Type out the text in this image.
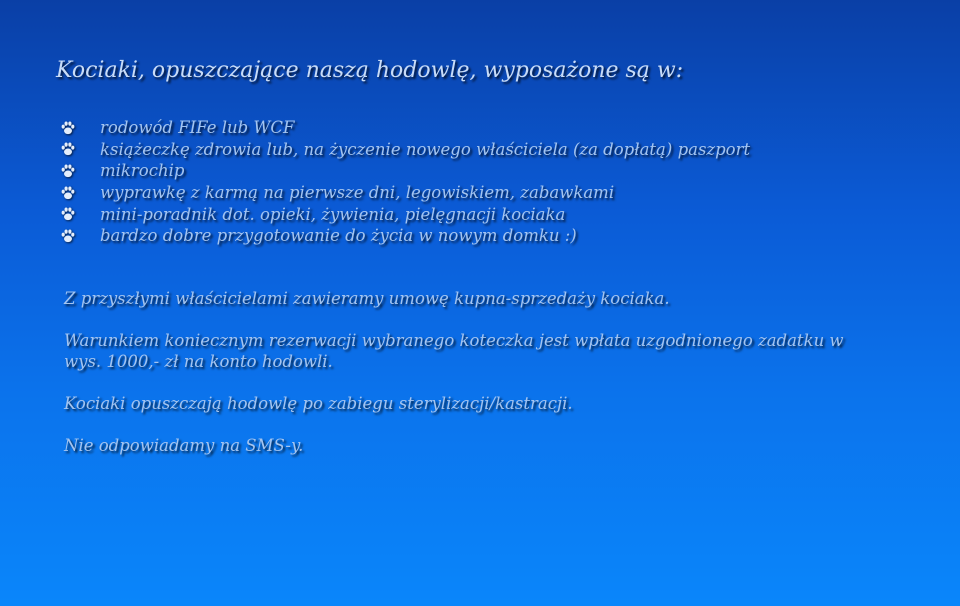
Kociaki, opuszczające naszą hodowlę, wyposażone są w:
rodowód FIFe lub WCF
książeczkę zdrowia lub, na życzenie nowego właściciela (za dopłatą) paszport
mikrochip
wyprawkę z karmą na pierwsze dni, legowiskiem, zabawkami
mini-poradnik dot. opieki, żywienia, pielęgnacji kociaka
bardzo dobre przygotowanie do życia w nowym domku :)

Z przyszłymi właścicielami zawieramy umowę kupna-sprzedaży kociaka.

Warunkiem koniecznym rezerwacji wybranego koteczka jest wpłata uzgodnionego zadatku w wys. 1000,- zł na konto hodowli.

Kociaki opuszczają hodowlę po zabiegu sterylizacji/kastracji.

Nie odpowiadamy na SMS-y.
